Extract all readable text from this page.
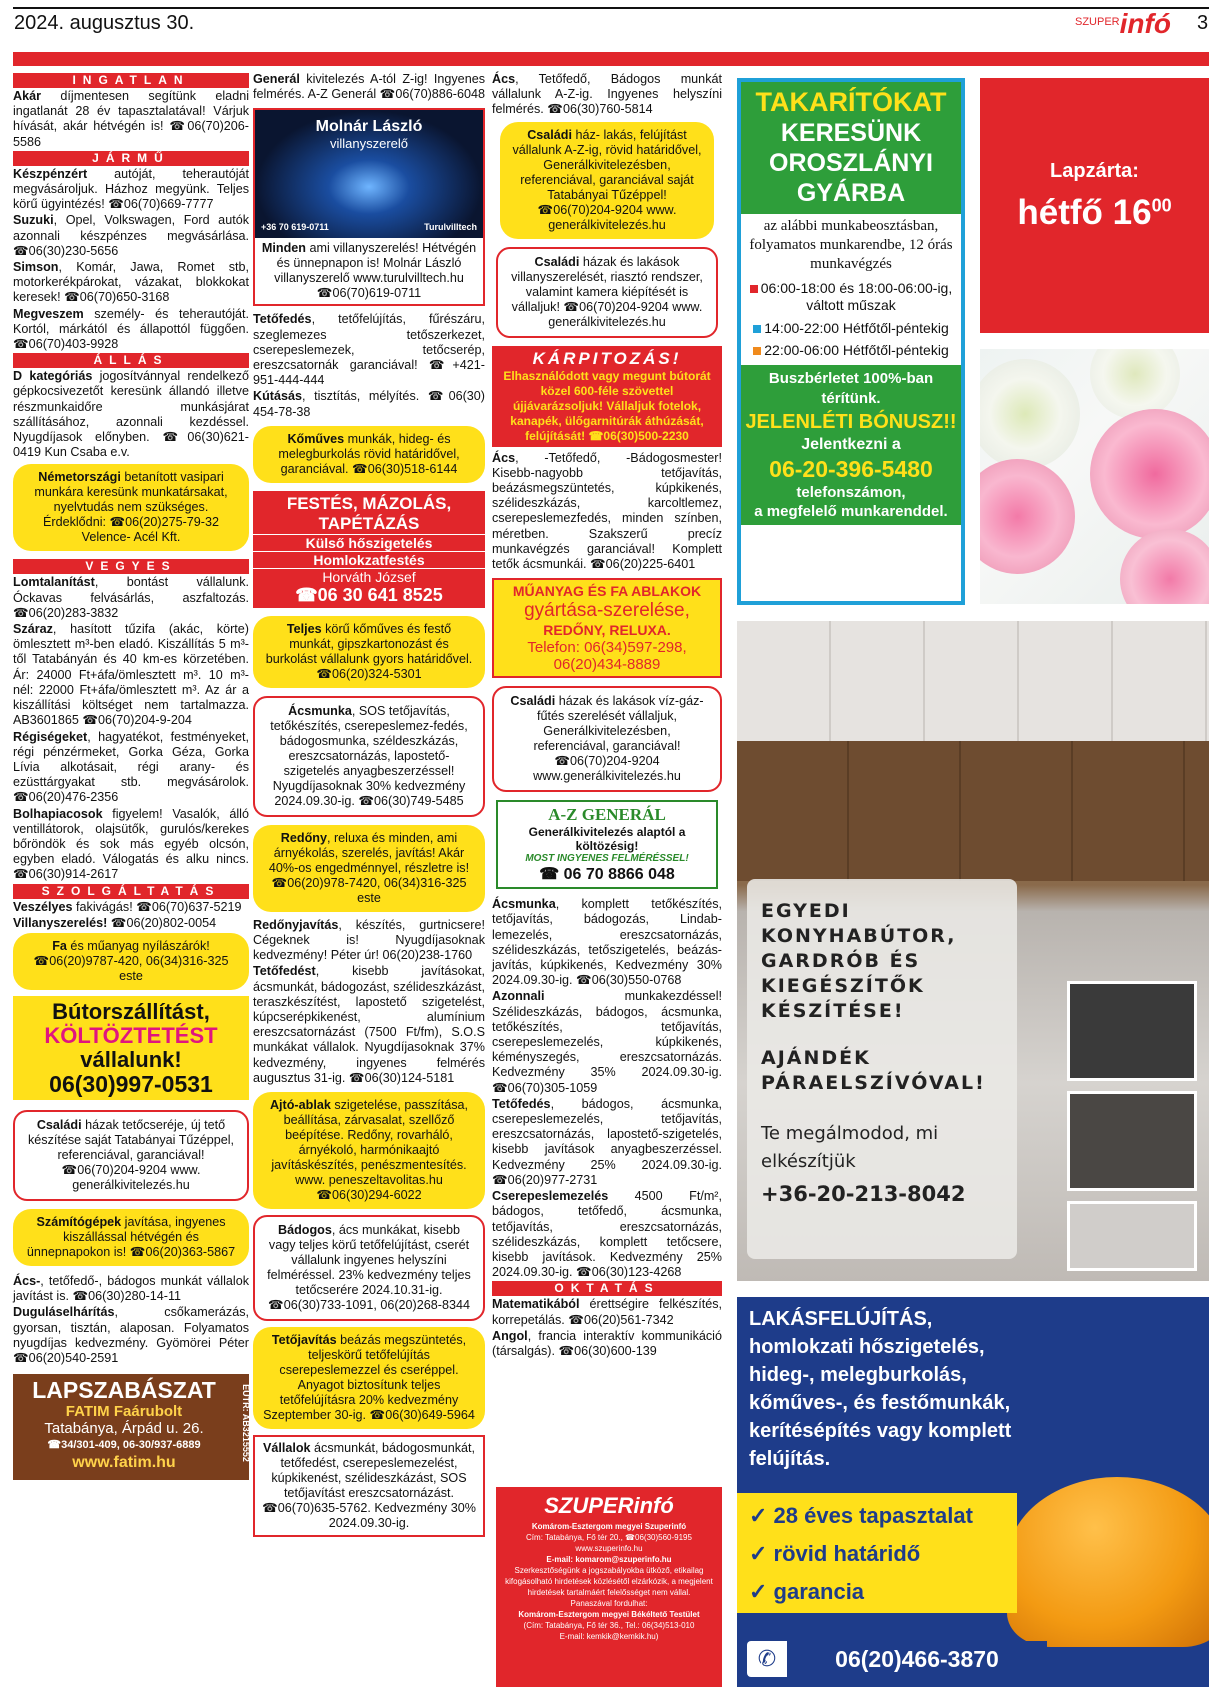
2024. augusztus 30.	$^{SZUPER}$infó 3
INGATLAN
Akár díjmentesen segítünk eladni ingatlanát 28 év tapasztalatával! Várjuk hívását, akár hétvégén is! ☎06(70)206-5586
JÁRMŰ
Készpénzért autóját, teherautóját megvásároljuk. Házhoz megyünk. Teljes körű ügyintézés! ☎06(70)669-7777
Suzuki, Opel, Volkswagen, Ford autók azonnali készpénzes megvásárlása. ☎06(30)230-5656
Simson, Komár, Jawa, Romet stb, motorkerékpárokat, vázakat, blokkokat keresek! ☎06(70)650-3168
Megveszem személy- és teherautóját. Kortól, márkától és állapottól függően. ☎06(70)403-9928
ÁLLÁS
D kategóriás jogosítvánnyal rendelkező gépkocsivezetőt keresünk állandó illetve részmunkaidőre munkásjárat szállításához, azonnali kezdéssel. Nyugdíjasok előnyben. ☎06(30)621-0419 Kun Csaba e.v.
Németországi betanított vasipari munkára keresünk munkatársakat, nyelvtudás nem szükséges. Érdeklődni: ☎06(20)275-79-32 Velence- Acél Kft.
VEGYES
Lomtalanítást, bontást vállalunk. Óckavas felvásárlás, aszfaltozás. ☎06(20)283-3832
Száraz, hasított tűzifa (akác, körte) ömlesztett m³-ben eladó. Kiszállítás 5 m³-től Tatabányán és 40 km-es körzetében. Ár: 24000 Ft+áfa/ömlesztett m³. 10 m³-nél: 22000 Ft+áfa/ömlesztett m³. Az ár a kiszállítási költséget nem tartalmazza. AB3601865 ☎06(70)204-9-204
Régiségeket, hagyatékot, festményeket, régi pénzérmeket, Gorka Géza, Gorka Lívia alkotásait, régi arany- és ezüsttárgyakat stb. megvásárolok. ☎06(20)476-2356
Bolhapiacosok figyelem! Vasalók, álló ventillátorok, olajsütők, gurulós/kerekes bőröndök és sok más egyéb olcsón, egyben eladó. Válogatás és alku nincs. ☎06(30)914-2617
SZOLGÁLTATÁS
Veszélyes fakivágás! ☎06(70)637-5219
Villanyszerelés! ☎06(20)802-0054
Fa és műanyag nyílászárók! ☎06(20)9787-420, 06(34)316-325 este
Bútorszállítást,
KÖLTÖZTETÉST
vállalunk!
06(30)997-0531
Családi házak tetőcseréje, új tető készítése saját Tatabányai Tűzéppel, referenciával, garanciával! ☎06(70)204-9204 www. generálkivitelezés.hu
Számítógépek javítása, ingyenes kiszállással hétvégén és ünnepnapokon is! ☎06(20)363-5867
Ács-, tetőfedő-, bádogos munkát vállalok javítást is. ☎06(30)280-14-11
Duguláselhárítás, csőkamerázás, gyorsan, tisztán, alaposan. Folyamatos nyugdíjas kedvezmény. Gyömörei Péter ☎06(20)540-2591
LAPSZABÁSZAT
FATIM Faárubolt
Tatabánya, Árpád u. 26.
☎34/301-409, 06-30/937-6889
www.fatim.hu
EÜTR: AB3215552
Generál kivitelezés A-tól Z-ig! Ingyenes felmérés. A-Z Generál ☎06(70)886-6048
Molnár László
villanyszerelő
+36 70 619-0711	Turulvilltech
Minden ami villanyszerelés! Hétvégén és ünnepnapon is! Molnár László villanyszerelő www.turulvilltech.hu ☎06(70)619-0711
Tetőfedés, tetőfelújítás, fűrészáru, szeglemezes tetőszerkezet, cserepeslemezek, tetőcserép, ereszcsatornák garanciával! ☎+421-951-444-444
Kútásás, tisztítás, mélyítés. ☎06(30) 454-78-38
Kőműves munkák, hideg- és melegburkolás rövid határidővel, garanciával. ☎06(30)518-6144
FESTÉS, MÁZOLÁS,
TAPÉTÁZÁS
Külső hőszigetelés
Homlokzatfestés
Horváth József
☎06 30 641 8525
Teljes körű kőműves és festő munkát, gipszkartonozást és burkolást vállalunk gyors határidővel. ☎06(20)324-5301
Ácsmunka, SOS tetőjavítás, tetőkészítés, cserepeslemez-fedés, bádogosmunka, széldeszkázás, ereszcsatornázás, lapostető-szigetelés anyagbeszerzéssel! Nyugdíjasoknak 30% kedvezmény 2024.09.30-ig. ☎06(30)749-5485
Redőny, reluxa és minden, ami árnyékolás, szerelés, javítás! Akár 40%-os engedménnyel, részletre is! ☎06(20)978-7420, 06(34)316-325 este
Redőnyjavítás, készítés, gurtnicsere! Cégeknek is! Nyugdíjasoknak kedvezmény! Péter úr! 06(20)238-1760
Tetőfedést, kisebb javításokat, ácsmunkát, bádogozást, szélideszkázást, teraszkészítést, lapostető szigetelést, kúpcserépkikenést, alumínium ereszcsatornázást (7500 Ft/fm), S.O.S munkákat vállalok. Nyugdíjasoknak 37% kedvezmény, ingyenes felmérés augusztus 31-ig. ☎06(30)124-5181
Ajtó-ablak szigetelése, passzítása, beállítása, zárvasalat, szellőző beépítése. Redőny, rovarháló, árnyékoló, harmónikaajtó javításkészítés, penészmentesítés. www. peneszeltavolitas.hu ☎06(30)294-6022
Bádogos, ács munkákat, kisebb vagy teljes körű tetőfelújítást, cserét vállalunk ingyenes helyszíni felméréssel. 23% kedvezmény teljes tetőcserére 2024.10.31-ig. ☎06(30)733-1091, 06(20)268-8344
Tetőjavítás beázás megszüntetés, teljeskörű tetőfelújítás cserepeslemezzel és cseréppel. Anyagot biztosítunk teljes tetőfelújításra 20% kedvezmény Szeptember 30-ig. ☎06(30)649-5964
Vállalok ácsmunkát, bádogosmunkát, tetőfedést, cserepeslemezelést, kúpkikenést, szélideszkázást, SOS tetőjavítást ereszcsatornázást. ☎06(70)635-5762. Kedvezmény 30% 2024.09.30-ig.
Ács, Tetőfedő, Bádogos munkát vállalunk A-Z-ig. Ingyenes helyszíni felmérés. ☎06(30)760-5814
Családi ház- lakás, felújítást vállalunk A-Z-ig, rövid határidővel, Generálkivitelezésben, referenciával, garanciával saját Tatabányai Tűzéppel! ☎06(70)204-9204 www. generálkivitelezés.hu
Családi házak és lakások villanyszerelését, riasztó rendszer, valamint kamera kiépítését is vállaljuk! ☎06(70)204-9204 www. generálkivitelezés.hu
KÁRPITOZÁS!
Elhasználódott vagy megunt bútorát közel 600-féle szövettel újjávarázsoljuk! Vállaljuk fotelok, kanapék, ülőgarnitúrák áthúzását, felújítását! ☎06(30)500-2230
Ács, -Tetőfedő, -Bádogosmester! Kisebb-nagyobb tetőjavítás, beázásmegszüntetés, kúpkikenés, szélideszkázás, karcoltlemez, cserepeslemezfedés, minden színben, méretben. Szakszerű precíz munkavégzés garanciával! Komplett tetők ácsmunkái. ☎06(20)225-6401
MŰANYAG ÉS FA ABLAKOK
gyártása-szerelése,
REDŐNY, RELUXA.
Telefon: 06(34)597-298,
06(20)434-8889
Családi házak és lakások víz-gáz-fűtés szerelését vállaljuk, Generálkivitelezésben, referenciával, garanciával! ☎06(70)204-9204 www.generálkivitelezés.hu
A-Z GENERÁL
Generálkivitelezés alaptól a költözésig!
MOST INGYENES FELMÉRÉSSEL!
☎ 06 70 8866 048
Ácsmunka, komplett tetőkészítés, tetőjavítás, bádogozás, Lindab-lemezelés, ereszcsatornázás, szélideszkázás, tetőszigetelés, beázás-javítás, kúpkikenés, Kedvezmény 30% 2024.09.30-ig. ☎06(30)550-0768
Azonnali munkakezdéssel! Szélideszkázás, bádogos, ácsmunka, tetőkészítés, tetőjavítás, cserepeslemezelés, kúpkikenés, kéményszegés, ereszcsatornázás. Kedvezmény 35% 2024.09.30-ig. ☎06(70)305-1059
Tetőfedés, bádogos, ácsmunka, cserepeslemezelés, tetőjavítás, ereszcsatornázás, lapostető-szigetelés, kisebb javítások anyagbeszerzéssel. Kedvezmény 25% 2024.09.30-ig. ☎06(20)977-2731
Cserepeslemezelés 4500 Ft/m², bádogos, tetőfedő, ácsmunka, tetőjavítás, ereszcsatornázás, szélideszkázás, komplett tetőcsere, kisebb javítások. Kedvezmény 25% 2024.09.30-ig. ☎06(30)123-4268
OKTATÁS
Matematikából érettségire felkészítés, korrepetálás. ☎06(20)561-7342
Angol, francia interaktív kommunikáció (társalgás). ☎06(30)600-139
SZUPERinfó
Komárom-Esztergom megyei Szuperinfó
Cím: Tatabánya, Fő tér 20., ☎06(30)560-9195
www.szuperinfo.hu
E-mail: komarom@szuperinfo.hu
Szerkesztőségünk a jogszabályokba ütköző, etikailag kifogásolható hirdetések közlésétől elzárkózik, a megjelent hirdetések tartalmáért felelősséget nem vállal.
Panaszával fordulhat:
Komárom-Esztergom megyei Békéltető Testület
(Cím: Tatabánya, Fő tér 36., Tel.: 06(34)513-010
E-mail: kemkik@kemkik.hu)
TAKARÍTÓKAT
KERESÜNK
OROSZLÁNYI
GYÁRBA
az alábbi munkabeosztásban, folyamatos munkarendbe, 12 órás munkavégzés
06:00-18:00 és 18:00-06:00-ig, váltott műszak
14:00-22:00 Hétfőtől-péntekig
22:00-06:00 Hétfőtől-péntekig
Buszbérletet 100%-ban térítünk.
JELENLÉTI BÓNUSZ!!
Jelentkezni a
06-20-396-5480
telefonszámon,
a megfelelő munkarenddel.
PRIZMA WORK KFT.
Lapzárta:
hétfő $16^{00}$
EGYEDI KONYHABÚTOR, GARDRÓB ÉS KIEGÉSZÍTŐK KÉSZÍTÉSE!
AJÁNDÉK PÁRAELSZÍVÓVAL!
Te megálmodod, mi elkészítjük
+36-20-213-8042
LAKÁSFELÚJÍTÁS, homlokzati hőszigetelés, hideg-, melegburkolás, kőműves-, és festőmunkák, kerítésépítés vagy komplett felújítás.
✓ 28 éves tapasztalat
✓ rövid határidő
✓ garancia
✆	06(20)466-3870
